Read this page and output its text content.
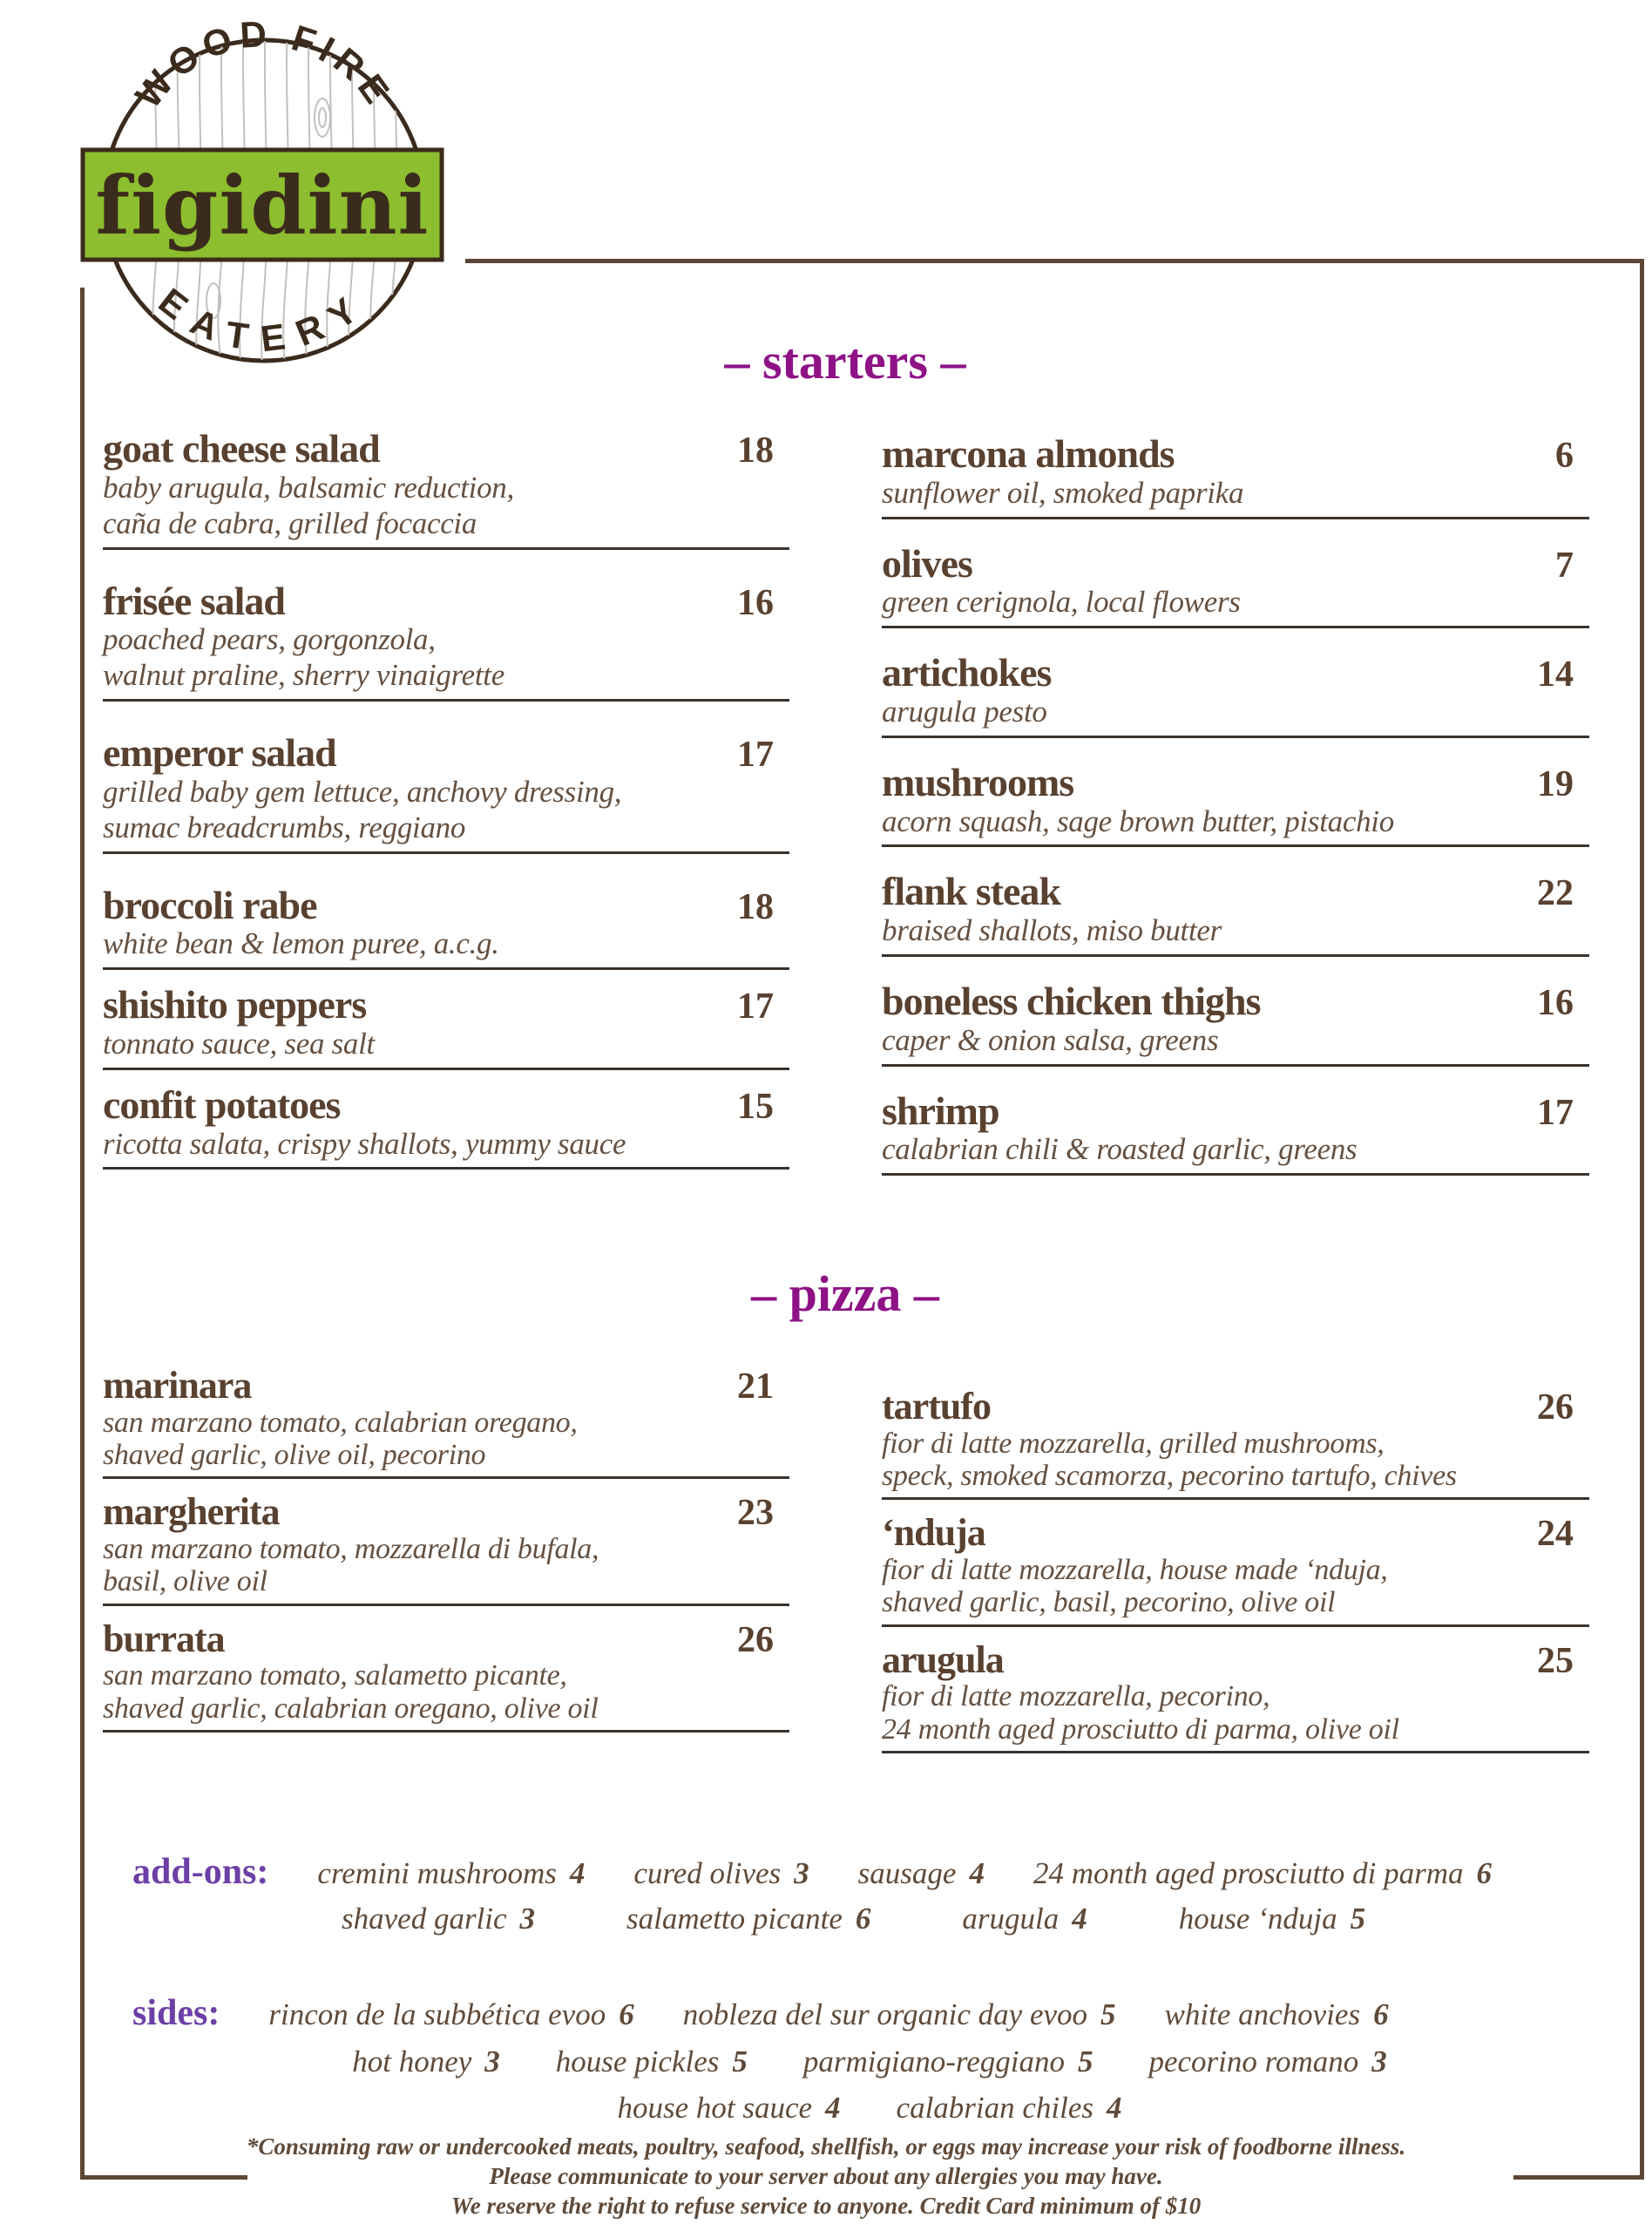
WOOD FIRE
figidini
EATERY
– starters –
goat cheese salad	18
baby arugula, balsamic reduction,
caña de cabra, grilled focaccia
frisée salad	16
poached pears, gorgonzola,
walnut praline, sherry vinaigrette
emperor salad	17
grilled baby gem lettuce, anchovy dressing,
sumac breadcrumbs, reggiano
broccoli rabe	18
white bean & lemon puree, a.c.g.
shishito peppers	17
tonnato sauce, sea salt
confit potatoes	15
ricotta salata, crispy shallots, yummy sauce
marcona almonds	6
sunflower oil, smoked paprika
olives	7
green cerignola, local flowers
artichokes	14
arugula pesto
mushrooms	19
acorn squash, sage brown butter, pistachio
flank steak	22
braised shallots, miso butter
boneless chicken thighs	16
caper & onion salsa, greens
shrimp	17
calabrian chili & roasted garlic, greens
– pizza –
marinara	21
san marzano tomato, calabrian oregano,
shaved garlic, olive oil, pecorino
margherita	23
san marzano tomato, mozzarella di bufala,
basil, olive oil
burrata	26
san marzano tomato, salametto picante,
shaved garlic, calabrian oregano, olive oil
tartufo	26
fior di latte mozzarella, grilled mushrooms,
speck, smoked scamorza, pecorino tartufo, chives
‘nduja	24
fior di latte mozzarella, house made ‘nduja,
shaved garlic, basil, pecorino, olive oil
arugula	25
fior di latte mozzarella, pecorino,
24 month aged prosciutto di parma, olive oil
add-ons: cremini mushrooms 4 cured olives 3 sausage 4 24 month aged prosciutto di parma 6
shaved garlic 3	salametto picante 6	arugula 4	house ‘nduja 5
sides: rincon de la subbética evoo 6 nobleza del sur organic day evoo 5 white anchovies 6
hot honey 3 house pickles 5 parmigiano-reggiano 5 pecorino romano 3
house hot sauce 4 calabrian chiles 4
*Consuming raw or undercooked meats, poultry, seafood, shellfish, or eggs may increase your risk of foodborne illness.
Please communicate to your server about any allergies you may have.
We reserve the right to refuse service to anyone. Credit Card minimum of $10
